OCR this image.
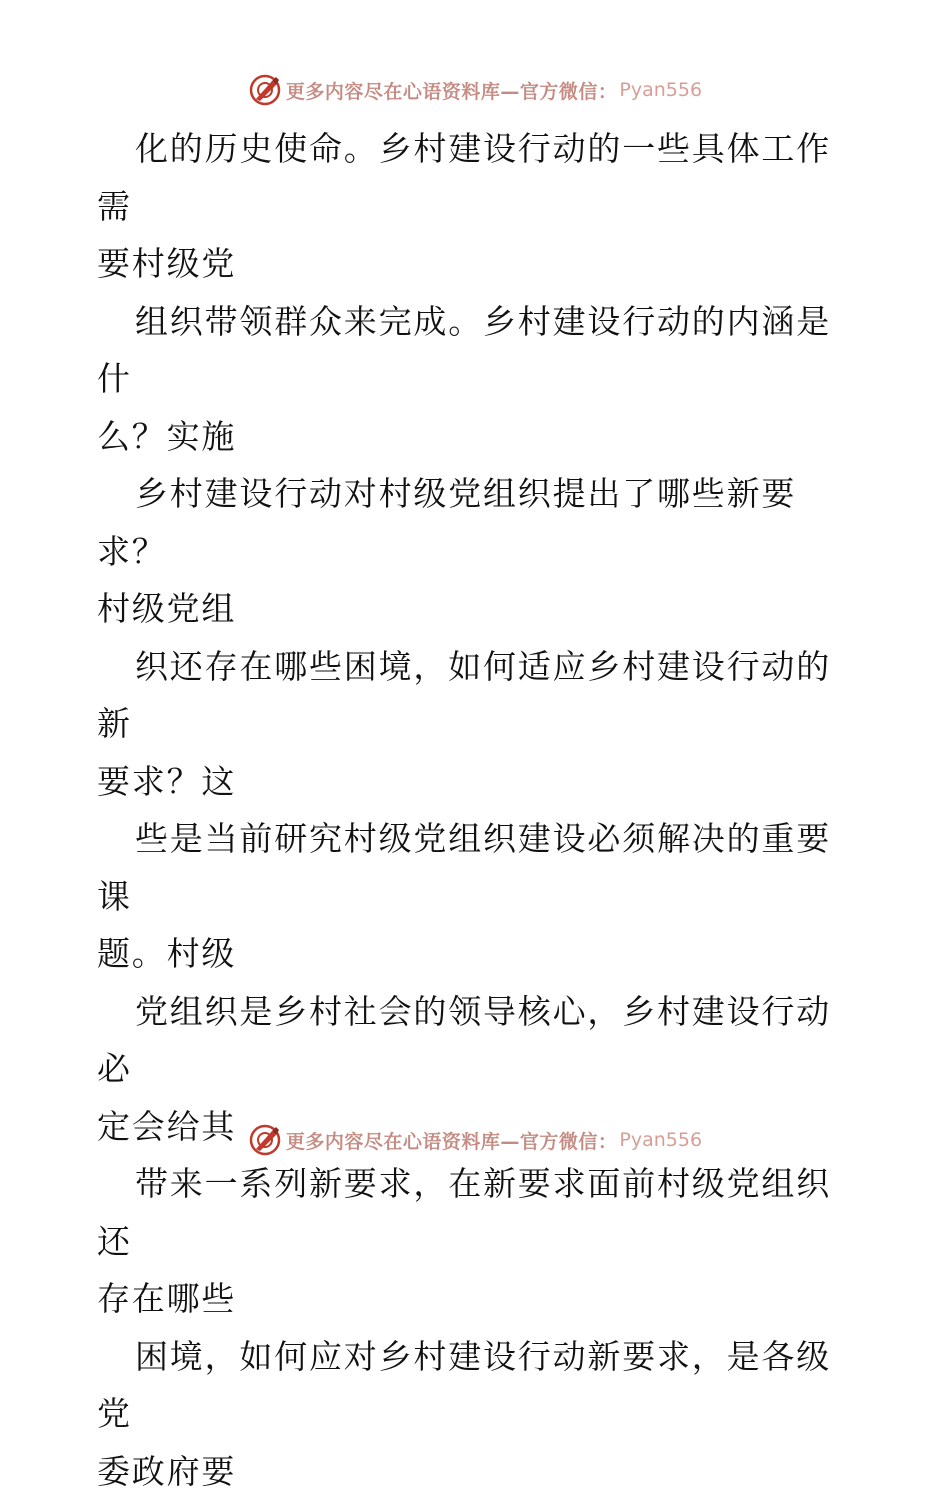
更多内容尽在心语资料库—官方微信： Pyan556

化的历史使命。乡村建设行动的一些具体工作需
要村级党

组织带领群众来完成。乡村建设行动的内涵是什
么？实施

乡村建设行动对村级党组织提出了哪些新要求？
村级党组

织还存在哪些困境，如何适应乡村建设行动的新
要求？这

些是当前研究村级党组织建设必须解决的重要课
题。村级

党组织是乡村社会的领导核心，乡村建设行动必
定会给其

带来一系列新要求，在新要求面前村级党组织还
存在哪些

困境，如何应对乡村建设行动新要求，是各级党
委政府要

更多内容尽在心语资料库—官方微信： Pyan556
